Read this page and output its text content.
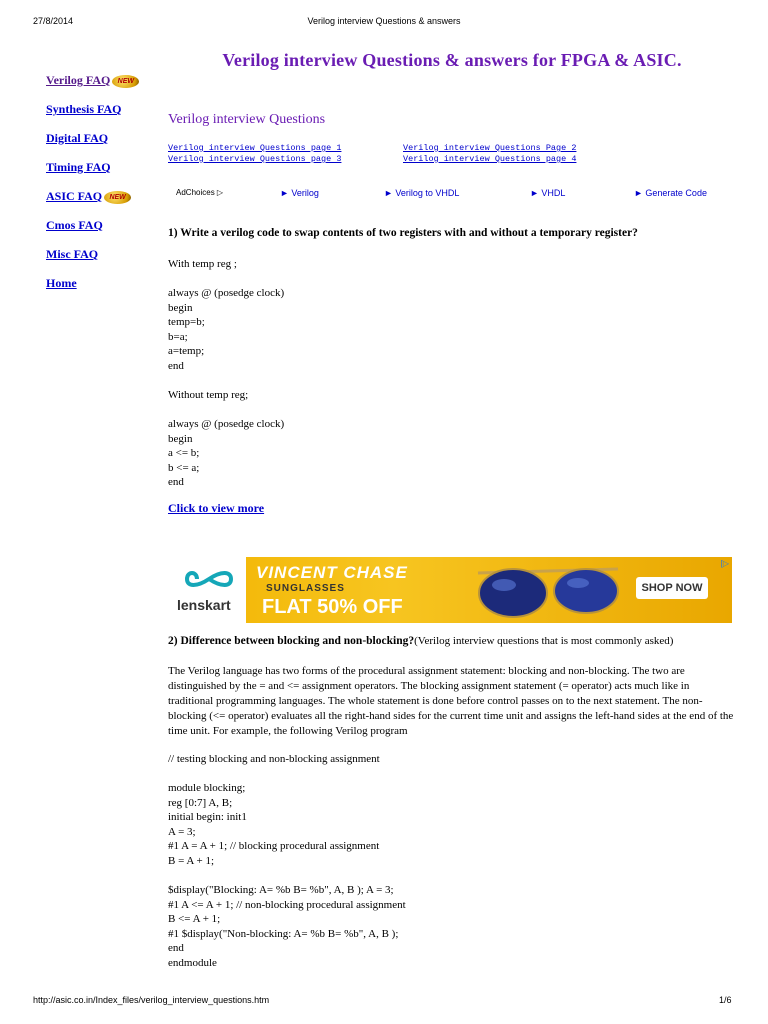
27/8/2014	Verilog interview Questions & answers
Verilog FAQ NEW
Synthesis FAQ
Digital FAQ
Timing FAQ
ASIC FAQ NEW
Cmos FAQ
Misc FAQ
Home
Verilog interview Questions & answers for FPGA & ASIC.
Verilog interview Questions
Verilog interview Questions page 1	Verilog interview Questions Page 2
Verilog interview Questions page 3	Verilog interview Questions page 4
AdChoices ▷	► Verilog	► Verilog to VHDL	► VHDL	► Generate Code
1) Write a verilog code to swap contents of two registers with and without a temporary register?
With temp reg ;
always @ (posedge clock)
begin
temp=b;
b=a;
a=temp;
end
Without temp reg;
always @ (posedge clock)
begin
a <= b;
b <= a;
end
Click to view more
lenskart
VINCENT CHASE
SUNGLASSES
FLAT 50% OFF
SHOP NOW
[▷
2) Difference between blocking and non-blocking?(Verilog interview questions that is most commonly asked)
The Verilog language has two forms of the procedural assignment statement: blocking and non-blocking. The two are distinguished by the = and <= assignment operators. The blocking assignment statement (= operator) acts much like in traditional programming languages. The whole statement is done before control passes on to the next statement. The non-blocking (<= operator) evaluates all the right-hand sides for the current time unit and assigns the left-hand sides at the end of the time unit. For example, the following Verilog program
// testing blocking and non-blocking assignment
module blocking;
reg [0:7] A, B;
initial begin: init1
A = 3;
#1 A = A + 1; // blocking procedural assignment
B = A + 1;
$display("Blocking: A= %b B= %b", A, B ); A = 3;
#1 A <= A + 1; // non-blocking procedural assignment
B <= A + 1;
#1 $display("Non-blocking: A= %b B= %b", A, B );
end
endmodule
http://asic.co.in/Index_files/verilog_interview_questions.htm	1/6
